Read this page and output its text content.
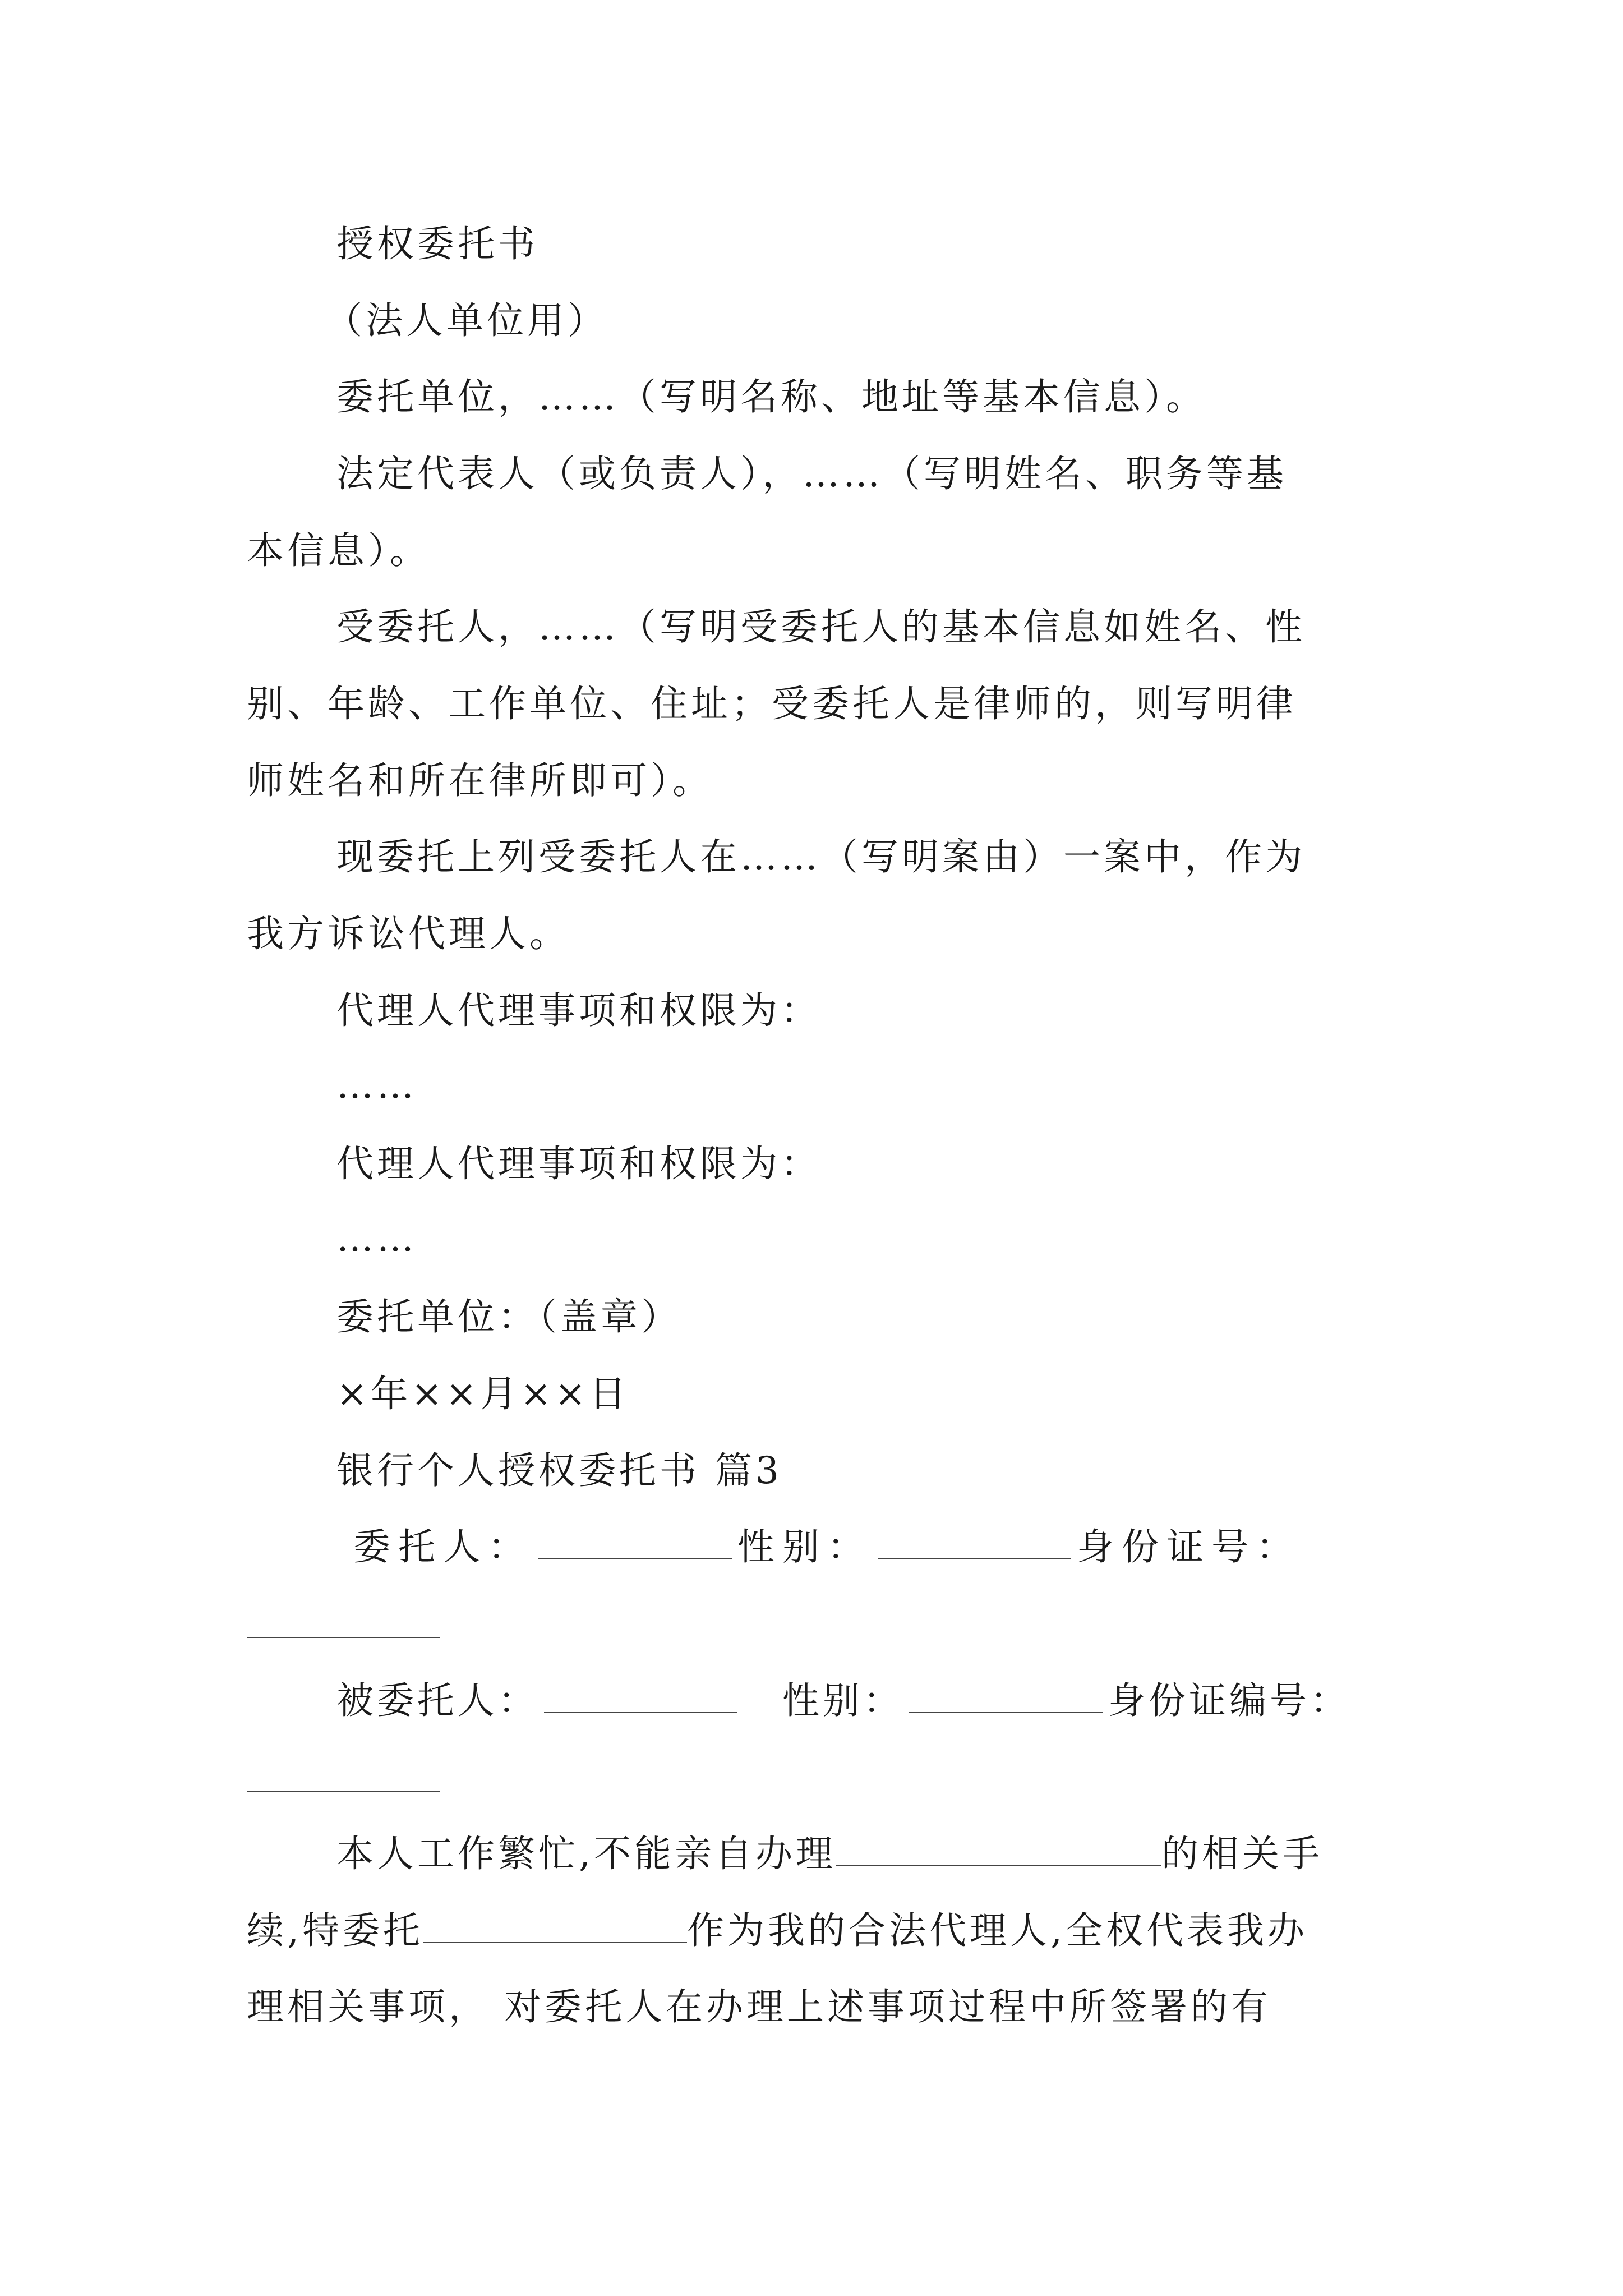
授权委托书
（法人单位用）
委托单位，……（写明名称、地址等基本信息）。
法定代表人（或负责人），……（写明姓名、职务等基
本信息）。
受委托人，……（写明受委托人的基本信息如姓名、性
别、年龄、工作单位、住址；受委托人是律师的，则写明律
师姓名和所在律所即可）。
现委托上列受委托人在……（写明案由）一案中，作为
我方诉讼代理人。
代理人代理事项和权限为：
……
代理人代理事项和权限为：
……
委托单位：（盖章）
×年××月××日
银行个人授权委托书 篇3
委托人：	性别：	身份证号：
被委托人：	性别：	身份证编号：
本人工作繁忙,不能亲自办理	的相关手
续,特委托	作为我的合法代理人,全权代表我办
理相关事项， 对委托人在办理上述事项过程中所签署的有
